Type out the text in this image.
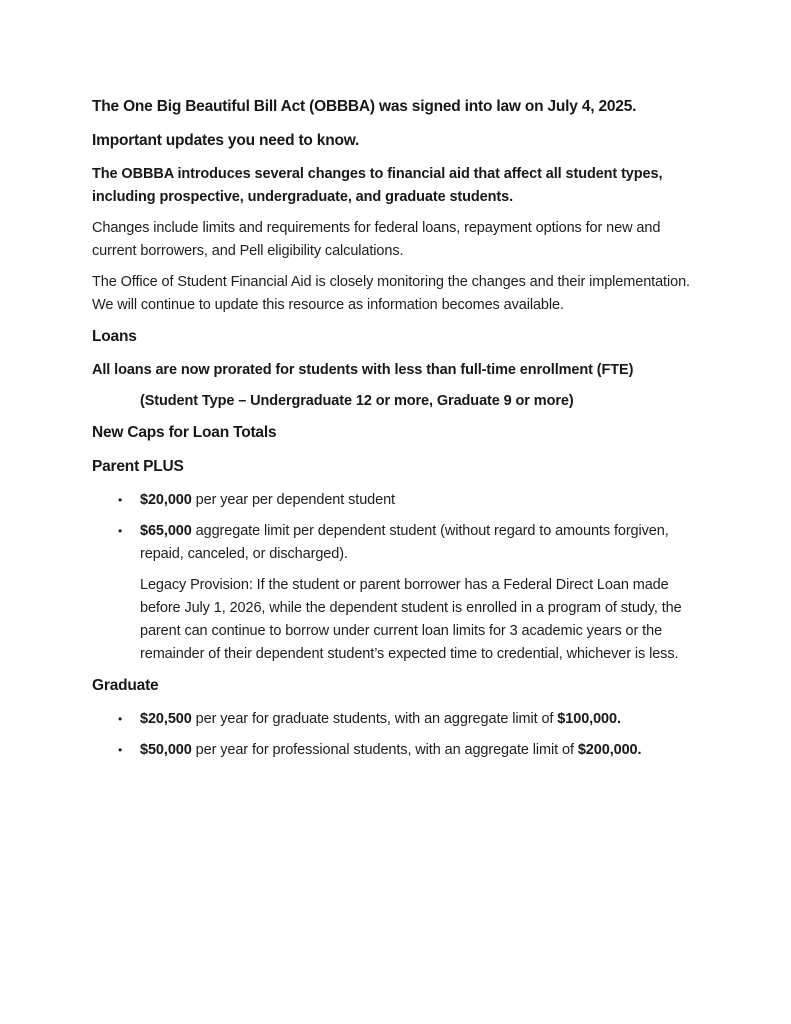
The One Big Beautiful Bill Act (OBBBA) was signed into law on July 4, 2025.

Important updates you need to know.

The OBBBA introduces several changes to financial aid that affect all student types, including prospective, undergraduate, and graduate students.

Changes include limits and requirements for federal loans, repayment options for new and current borrowers, and Pell eligibility calculations.

The Office of Student Financial Aid is closely monitoring the changes and their implementation. We will continue to update this resource as information becomes available.

Loans

All loans are now prorated for students with less than full-time enrollment (FTE)

(Student Type – Undergraduate 12 or more, Graduate 9 or more)

New Caps for Loan Totals

Parent PLUS

•	$20,000 per year per dependent student
•	$65,000 aggregate limit per dependent student (without regard to amounts forgiven, repaid, canceled, or discharged).

Legacy Provision: If the student or parent borrower has a Federal Direct Loan made before July 1, 2026, while the dependent student is enrolled in a program of study, the parent can continue to borrow under current loan limits for 3 academic years or the remainder of their dependent student’s expected time to credential, whichever is less.

Graduate

•	$20,500 per year for graduate students, with an aggregate limit of $100,000.
•	$50,000 per year for professional students, with an aggregate limit of $200,000.
